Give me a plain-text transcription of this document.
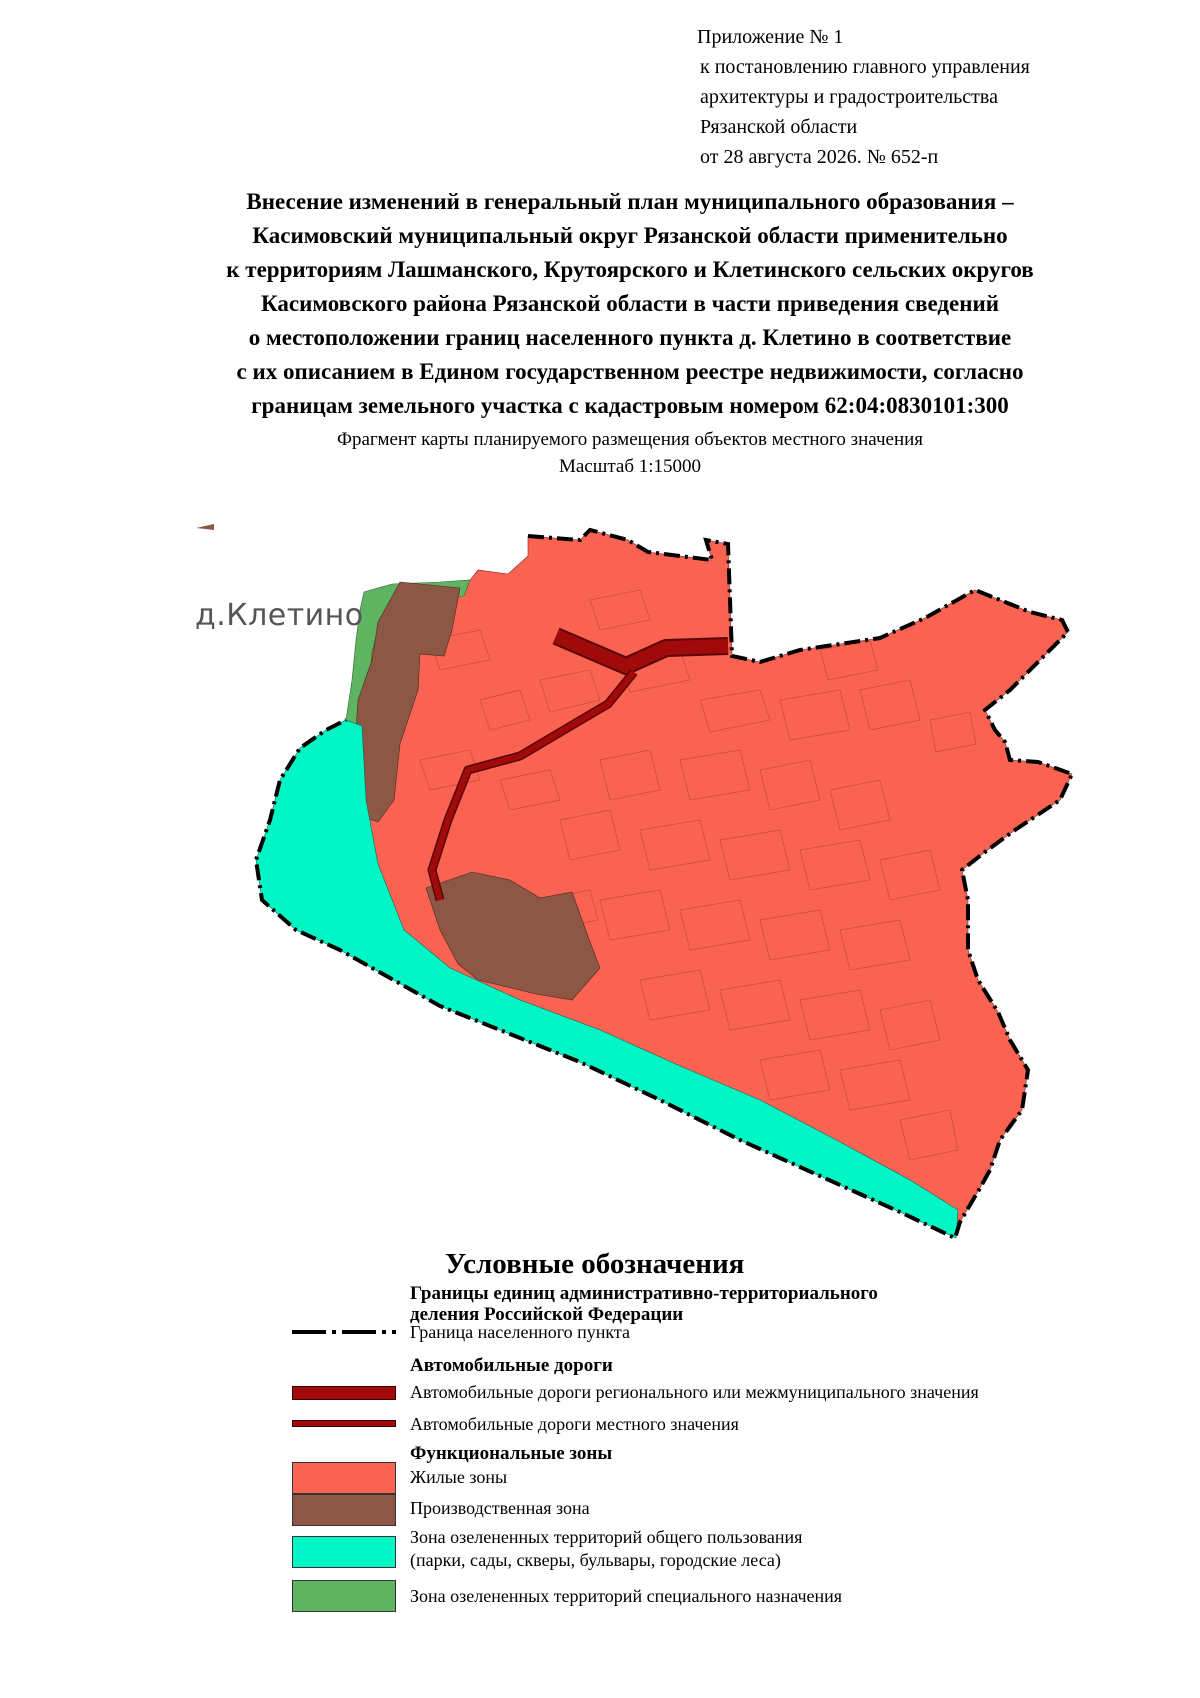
Приложение № 1
к постановлению главного управления
архитектуры и градостроительства
Рязанской области
от 28 августа 2026. № 652-п
Внесение изменений в генеральный план муниципального образования –
Касимовский муниципальный округ Рязанской области применительно
к территориям Лашманского, Крутоярского и Клетинского сельских округов
Касимовского района Рязанской области в части приведения сведений
о местоположении границ населенного пункта д. Клетино в соответствие
с их описанием в Едином государственном реестре недвижимости, согласно
границам земельного участка с кадастровым номером 62:04:0830101:300
Фрагмент карты планируемого размещения объектов местного значения
Масштаб 1:15000
д.Клетино
Условные обозначения
Границы единиц административно-территориального
деления Российской Федерации
Граница населенного пункта
Автомобильные дороги
Автомобильные дороги регионального или межмуниципального значения
Автомобильные дороги местного значения
Функциональные зоны
Жилые зоны
Производственная зона
Зона озелененных территорий общего пользования
(парки, сады, скверы, бульвары, городские леса)
Зона озелененных территорий специального назначения
